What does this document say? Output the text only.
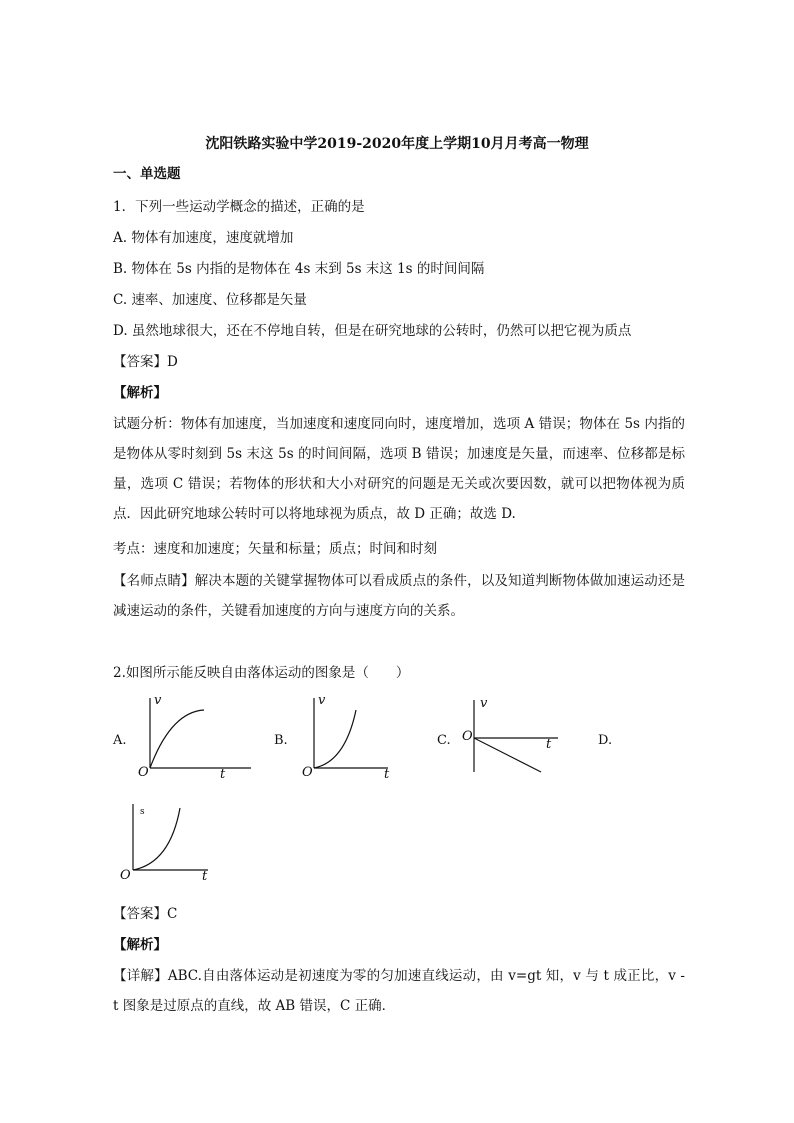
沈阳铁路实验中学2019-2020年度上学期10月月考高一物理
一、单选题
1．下列一些运动学概念的描述，正确的是
A. 物体有加速度，速度就增加
B. 物体在 5s 内指的是物体在 4s 末到 5s 末这 1s 的时间间隔
C. 速率、加速度、位移都是矢量
D. 虽然地球很大，还在不停地自转，但是在研究地球的公转时，仍然可以把它视为质点
【答案】D
【解析】
试题分析：物体有加速度，当加速度和速度同向时，速度增加，选项 A 错误；物体在 5s 内指的是物体从零时刻到 5s 末这 5s 的时间间隔，选项 B 错误；加速度是矢量，而速率、位移都是标量，选项 C 错误；若物体的形状和大小对研究的问题是无关或次要因数，就可以把物体视为质点．因此研究地球公转时可以将地球视为质点，故 D 正确；故选 D.
考点：速度和加速度；矢量和标量；质点；时间和时刻
【名师点睛】解决本题的关键掌握物体可以看成质点的条件，以及知道判断物体做加速运动还是减速运动的条件，关键看加速度的方向与速度方向的关系。
2.如图所示能反映自由落体运动的图象是（　　）
A.	B.	C.	D.
v
O	t
v
O	t
v
O
t
s
O	t
【答案】C
【解析】
【详解】ABC.自由落体运动是初速度为零的匀加速直线运动，由 v=gt 知，v 与 t 成正比，v - t 图象是过原点的直线，故 AB 错误，C 正确．
